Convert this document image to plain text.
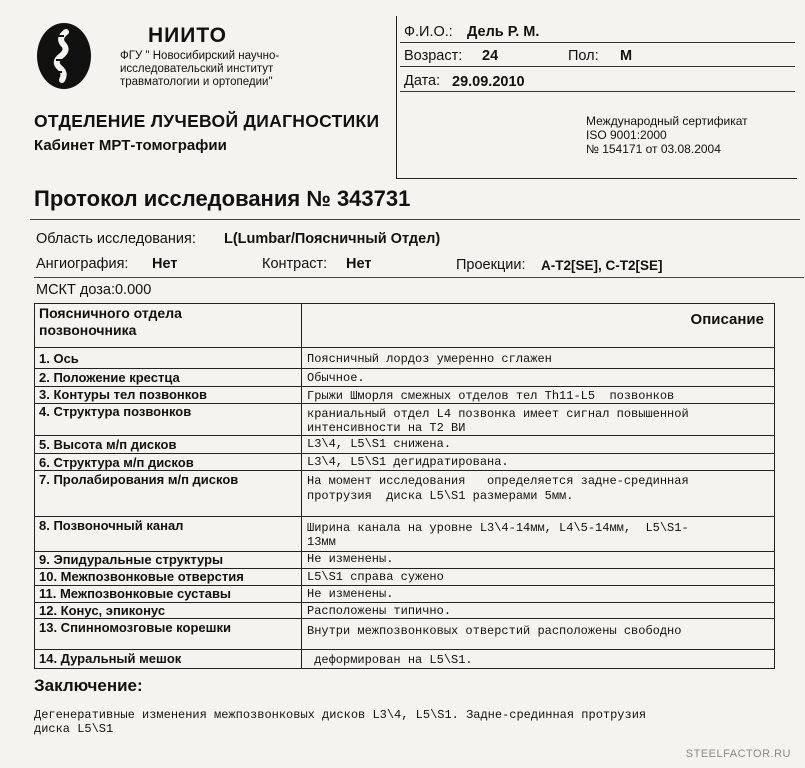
НИИТО
ФГУ " Новосибирский научно-
исследовательский институт
травматологии и ортопедии"
Ф.И.О.: Дель Р. М.
Возраст: 24	Пол: М
Дата: 29.09.2010
ОТДЕЛЕНИЕ ЛУЧЕВОЙ ДИАГНОСТИКИ
Кабинет МРТ-томографии
Международный сертификат
ISO 9001:2000
№ 154171 от 03.08.2004
Протокол исследования № 343731
Область исследования: L(Lumbar/Поясничный Отдел)
Ангиография: Нет	Контраст: Нет	Проекции: A-T2[SE], C-T2[SE]
МСКТ доза:0.000
Поясничного отдела
позвоночника
Описание
1. Ось	Поясничный лордоз умеренно сглажен
2. Положение крестца	Обычное.
3. Контуры тел позвонков	Грыжи Шморля смежных отделов тел Th11-L5  позвонков
4. Структура позвонков	краниальный отдел L4 позвонка имеет сигнал повышенной
интенсивности на T2 ВИ
5. Высота м/п дисков	L3\4, L5\S1 снижена.
6. Структура м/п дисков	L3\4, L5\S1 дегидратирована.
7. Пролабирования м/п дисков	На момент исследования   определяется задне-срединная
протрузия  диска L5\S1 размерами 5мм.
8. Позвоночный канал	Ширина канала на уровне L3\4-14мм, L4\5-14мм,  L5\S1-
13мм
9. Эпидуральные структуры	Не изменены.
10. Межпозвонковые отверстия	L5\S1 справа сужено
11. Межпозвонковые суставы	Не изменены.
12. Конус, эпиконус	Расположены типично.
13. Спинномозговые корешки	Внутри межпозвонковых отверстий расположены свободно
14. Дуральный мешок	деформирован на L5\S1.
Заключение:
Дегенеративные изменения межпозвонковых дисков L3\4, L5\S1. Задне-срединная протрузия
диска L5\S1
STEELFACTOR.RU
